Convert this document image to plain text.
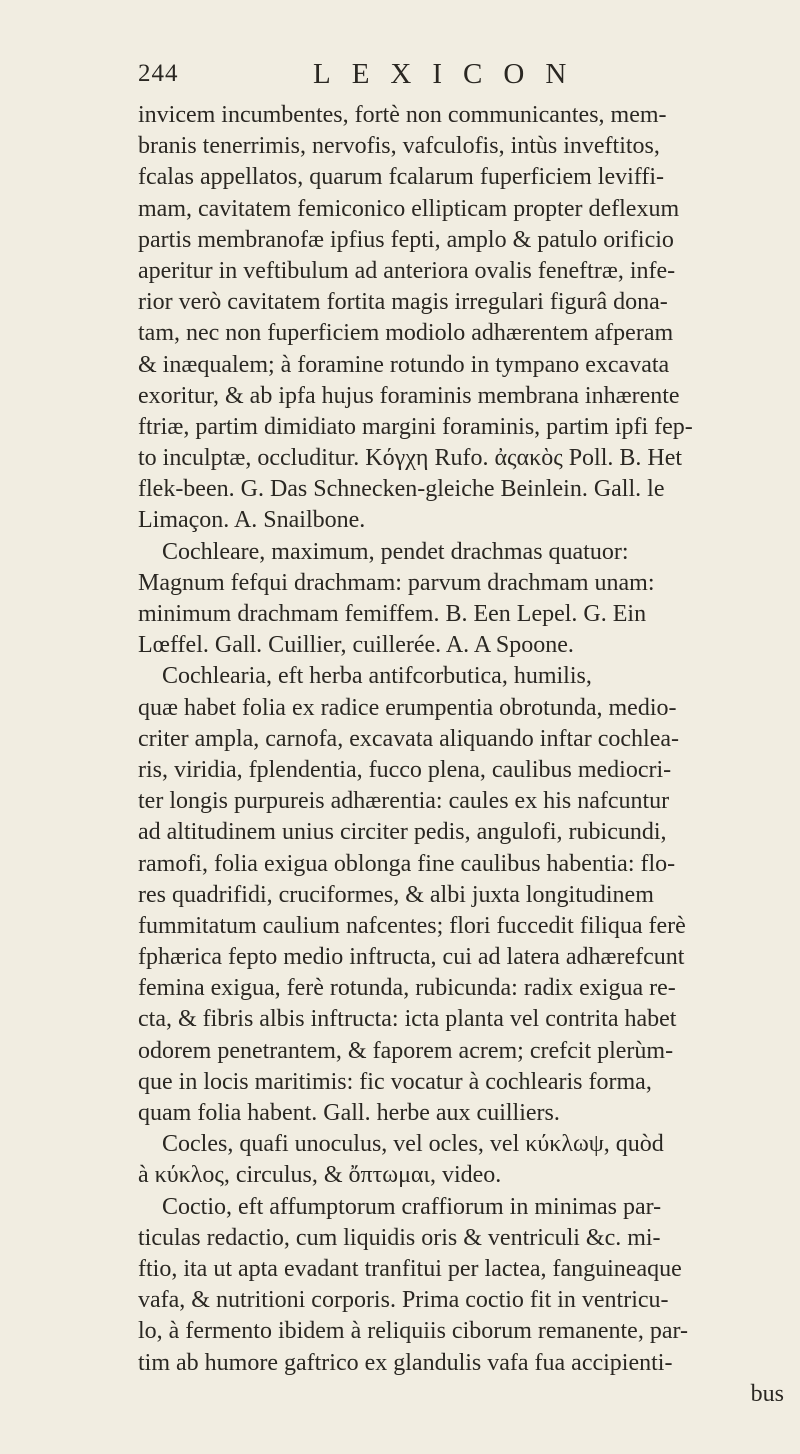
244	LEXICON
invicem incumbentes, fortè non communicantes, mem-
branis tenerrimis, nervofis, vafculofis, intùs inveftitos,
fcalas appellatos, quarum fcalarum fuperficiem leviffi-
mam, cavitatem femiconico ellipticam propter deflexum
partis membranofæ ipfius fepti, amplo & patulo orificio
aperitur in veftibulum ad anteriora ovalis feneftræ, infe-
rior verò cavitatem fortita magis irregulari figurâ dona-
tam, nec non fuperficiem modiolo adhærentem afperam
& inæqualem; à foramine rotundo in tympano excavata
exoritur, & ab ipfa hujus foraminis membrana inhærente
ftriæ, partim dimidiato margini foraminis, partim ipfi fep-
to inculptæ, occluditur. Κόγχη Rufo. ἀςακὸς Poll. B. Het
flek-been. G. Das Schnecken-gleiche Beinlein. Gall. le
Limaçon. A. Snailbone.
Cochleare, maximum, pendet drachmas quatuor:
Magnum fefqui drachmam: parvum drachmam unam:
minimum drachmam femiffem. B. Een Lepel. G. Ein
Lœffel. Gall. Cuillier, cuillerée. A. A Spoone.
Cochlearia, eft herba antifcorbutica, humilis,
quæ habet folia ex radice erumpentia obrotunda, medio-
criter ampla, carnofa, excavata aliquando inftar cochlea-
ris, viridia, fplendentia, fucco plena, caulibus mediocri-
ter longis purpureis adhærentia: caules ex his nafcuntur
ad altitudinem unius circiter pedis, angulofi, rubicundi,
ramofi, folia exigua oblonga fine caulibus habentia: flo-
res quadrifidi, cruciformes, & albi juxta longitudinem
fummitatum caulium nafcentes; flori fuccedit filiqua ferè
fphærica fepto medio inftructa, cui ad latera adhærefcunt
femina exigua, ferè rotunda, rubicunda: radix exigua re-
cta, & fibris albis inftructa: icta planta vel contrita habet
odorem penetrantem, & faporem acrem; crefcit plerùm-
que in locis maritimis: fic vocatur à cochlearis forma,
quam folia habent. Gall. herbe aux cuilliers.
Cocles, quafi unoculus, vel ocles, vel κύκλωψ, quòd
à κύκλος, circulus, & ὄπτωμαι, video.
Coctio, eft affumptorum craffiorum in minimas par-
ticulas redactio, cum liquidis oris & ventriculi &c. mi-
ftio, ita ut apta evadant tranfitui per lactea, fanguineaque
vafa, & nutritioni corporis. Prima coctio fit in ventricu-
lo, à fermento ibidem à reliquiis ciborum remanente, par-
tim ab humore gaftrico ex glandulis vafa fua accipienti-
bus
